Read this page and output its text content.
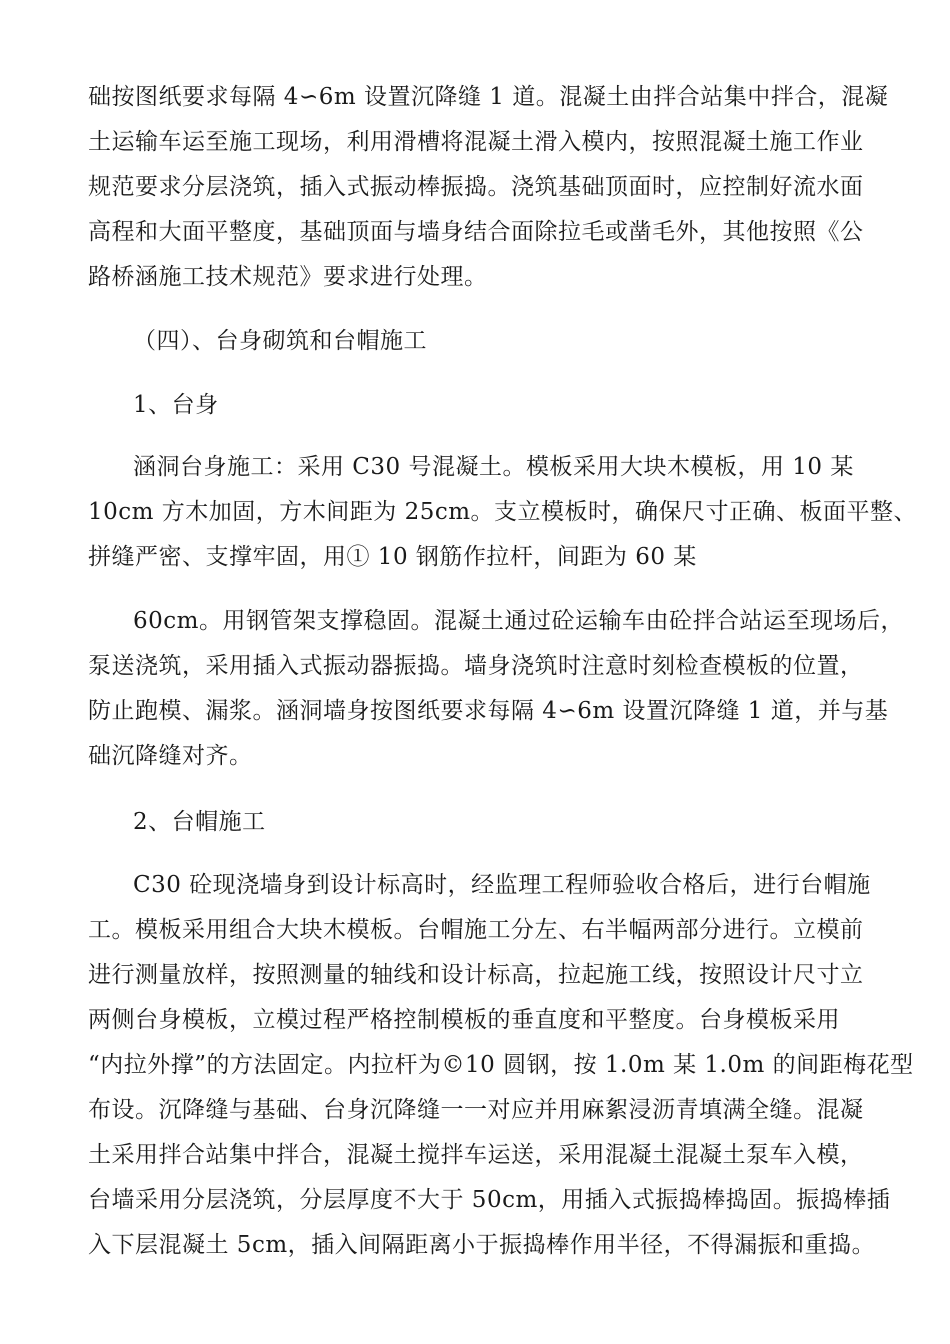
础按图纸要求每隔 4∽6m 设置沉降缝 1 道。混凝土由拌合站集中拌合，混凝
土运输车运至施工现场，利用滑槽将混凝土滑入模内，按照混凝土施工作业
规范要求分层浇筑，插入式振动棒振捣。浇筑基础顶面时，应控制好流水面
高程和大面平整度，基础顶面与墙身结合面除拉毛或凿毛外，其他按照《公
路桥涵施工技术规范》要求进行处理。
（四）、台身砌筑和台帽施工
1、台身
涵洞台身施工：采用 C30 号混凝土。模板采用大块木模板，用 10 某
10cm 方木加固，方木间距为 25cm。支立模板时，确保尺寸正确、板面平整、
拼缝严密、支撑牢固，用① 10 钢筋作拉杆，间距为 60 某
60cm。用钢管架支撑稳固。混凝土通过砼运输车由砼拌合站运至现场后，
泵送浇筑，采用插入式振动器振捣。墙身浇筑时注意时刻检查模板的位置，
防止跑模、漏浆。涵洞墙身按图纸要求每隔 4∽6m 设置沉降缝 1 道，并与基
础沉降缝对齐。
2、台帽施工
C30 砼现浇墙身到设计标高时，经监理工程师验收合格后，进行台帽施
工。模板采用组合大块木模板。台帽施工分左、右半幅两部分进行。立模前
进行测量放样，按照测量的轴线和设计标高，拉起施工线，按照设计尺寸立
两侧台身模板，立模过程严格控制模板的垂直度和平整度。台身模板采用
“内拉外撑”的方法固定。内拉杆为©10 圆钢，按 1.0m 某 1.0m 的间距梅花型
布设。沉降缝与基础、台身沉降缝一一对应并用麻絮浸沥青填满全缝。混凝
土采用拌合站集中拌合，混凝土搅拌车运送，采用混凝土混凝土泵车入模，
台墙采用分层浇筑，分层厚度不大于 50cm，用插入式振捣棒捣固。振捣棒插
入下层混凝土 5cm，插入间隔距离小于振捣棒作用半径，不得漏振和重捣。
